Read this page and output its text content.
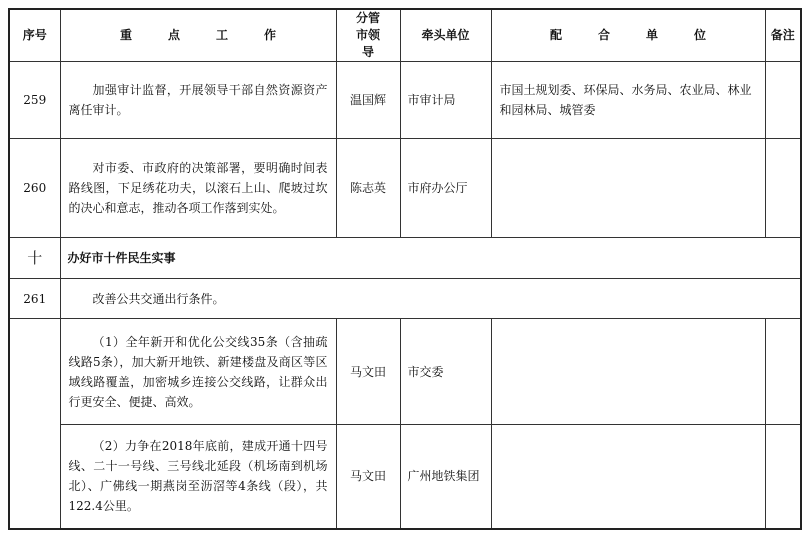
序号	重　点　工　作	分管市领导	牵头单位	配　合　单　位	备注
259	加强审计监督，开展领导干部自然资源资产离任审计。	温国辉	市审计局	市国土规划委、环保局、水务局、农业局、林业和园林局、城管委	
260	对市委、市政府的决策部署，要明确时间表路线图，下足绣花功夫，以滚石上山、爬坡过坎的决心和意志，推动各项工作落到实处。	陈志英	市府办公厅		
十	办好市十件民生实事				
261	改善公共交通出行条件。				

	（1）全年新开和优化公交线35条（含抽疏线路5条），加大新开地铁、新建楼盘及商区等区域线路覆盖，加密城乡连接公交线路，让群众出行更安全、便捷、高效。	马文田	市交委		

	（2）力争在2018年底前，建成开通十四号线、二十一号线、三号线北延段（机场南到机场北）、广佛线一期燕岗至沥滘等4条线（段），共122.4公里。	马文田	广州地铁集团		
